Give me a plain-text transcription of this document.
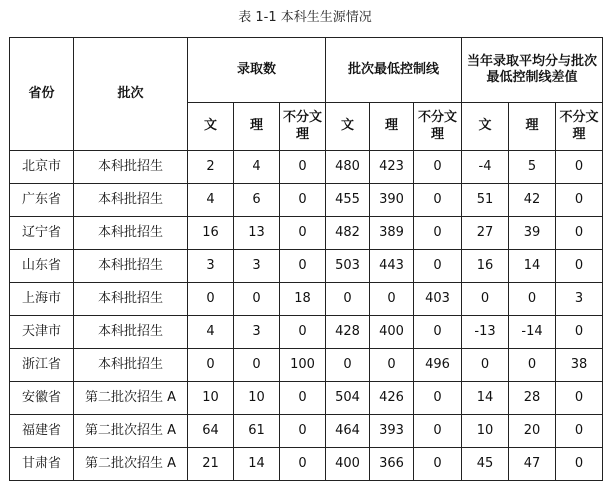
表 1-1 本科生生源情况
省份	批次	录取数			批次最低控制线			当年录取平均分与批次最低控制线差值		
		文	理	不分文理	文	理	不分文理	文	理	不分文理
北京市	本科批招生	2	4	0	480	423	0	-4	5	0
广东省	本科批招生	4	6	0	455	390	0	51	42	0
辽宁省	本科批招生	16	13	0	482	389	0	27	39	0
山东省	本科批招生	3	3	0	503	443	0	16	14	0
上海市	本科批招生	0	0	18	0	0	403	0	0	3
天津市	本科批招生	4	3	0	428	400	0	-13	-14	0
浙江省	本科批招生	0	0	100	0	0	496	0	0	38
安徽省	第二批次招生 A	10	10	0	504	426	0	14	28	0
福建省	第二批次招生 A	64	61	0	464	393	0	10	20	0
甘肃省	第二批次招生 A	21	14	0	400	366	0	45	47	0
